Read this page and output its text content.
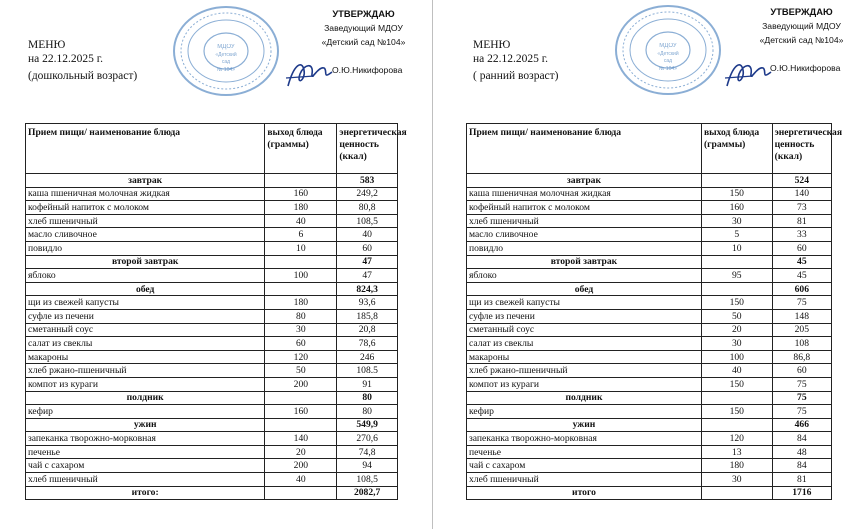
МЕНЮ
на 22.12.2025 г.
(дошкольный возраст)
МДОУ
«Детский
сад
№ 104»
УТВЕРЖДАЮ
Заведующий МДОУ
«Детский сад №104»
О.Ю.Никифорова
Прием пищи/ наименование блюда	выход блюда (граммы)	энергетическая ценность (ккал)
завтрак		583
каша пшеничная молочная жидкая	160	249,2
кофейный напиток с молоком	180	80,8
хлеб пшеничный	40	108,5
масло сливочное	6	40
повидло	10	60
второй завтрак		47
яблоко	100	47
обед		824,3
щи из свежей капусты	180	93,6
суфле из печени	80	185,8
сметанный соус	30	20,8
салат из свеклы	60	78,6
макароны	120	246
хлеб ржано-пшеничный	50	108.5
компот из кураги	200	91
полдник		80
кефир	160	80
ужин		549,9
запеканка творожно-морковная	140	270,6
печенье	20	74,8
чай с сахаром	200	94
хлеб пшеничный	40	108,5
итого:		2082,7
МЕНЮ
на 22.12.2025 г.
( ранний возраст)
МДОУ
«Детский
сад
№ 104»
УТВЕРЖДАЮ
Заведующий МДОУ
«Детский сад №104»
О.Ю.Никифорова
Прием пищи/ наименование блюда	выход блюда (граммы)	энергетическая ценность (ккал)
завтрак		524
каша пшеничная молочная жидкая	150	140
кофейный напиток с молоком	160	73
хлеб пшеничный	30	81
масло сливочное	5	33
повидло	10	60
второй завтрак		45
яблоко	95	45
обед		606
щи из свежей капусты	150	75
суфле из печени	50	148
сметанный соус	20	205
салат из свеклы	30	108
макароны	100	86,8
хлеб ржано-пшеничный	40	60
компот из кураги	150	75
полдник		75
кефир	150	75
ужин		466
запеканка творожно-морковная	120	84
печенье	13	48
чай с сахаром	180	84
хлеб пшеничный	30	81
итого		1716
